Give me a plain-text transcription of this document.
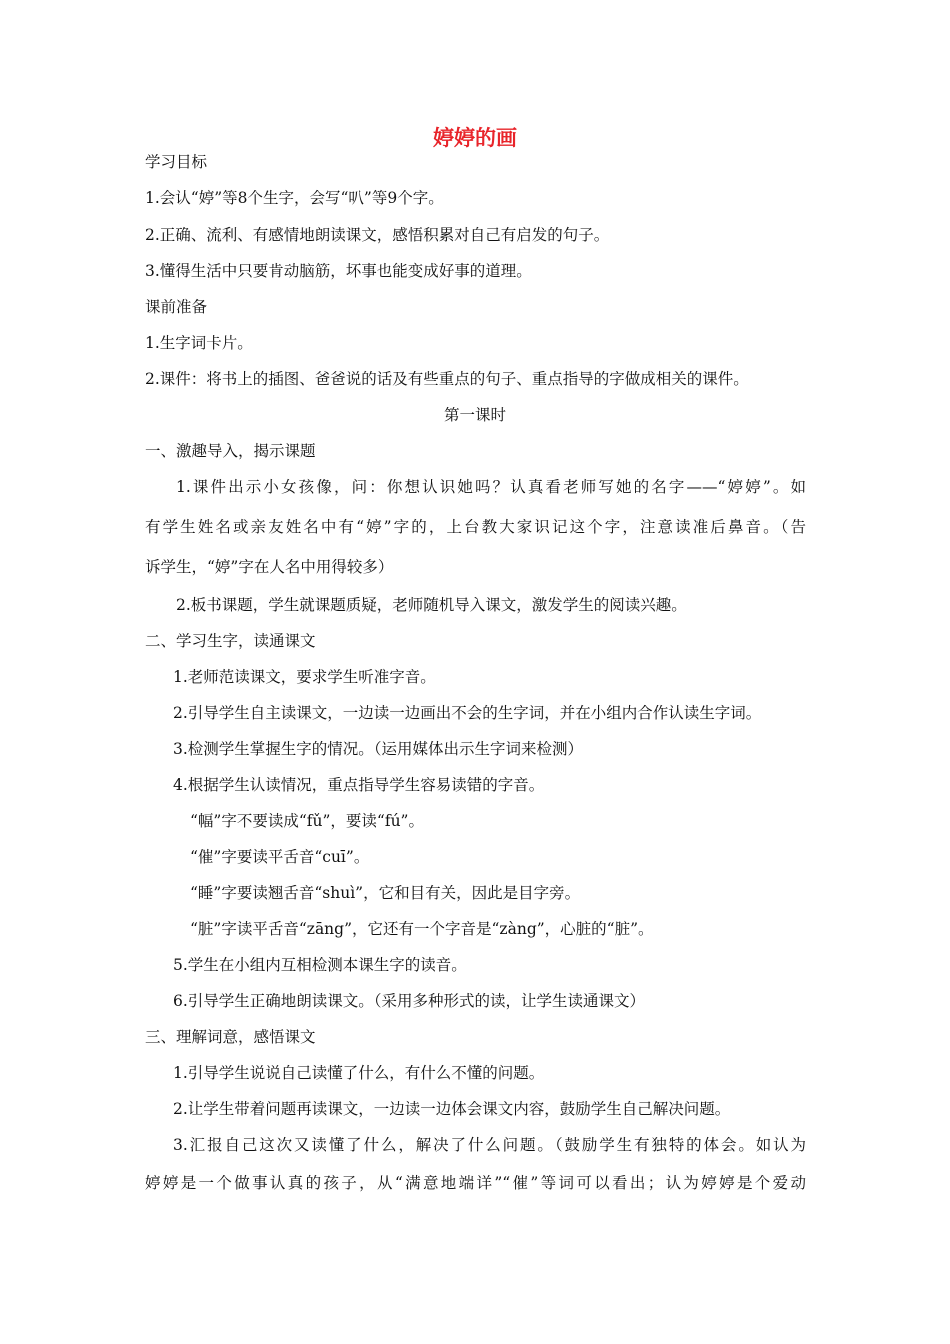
婷婷的画
学习目标
1.会认“婷”等8个生字，会写“叭”等9个字。
2.正确、流利、有感情地朗读课文，感悟积累对自己有启发的句子。
3.懂得生活中只要肯动脑筋，坏事也能变成好事的道理。
课前准备
1.生字词卡片。
2.课件：将书上的插图、爸爸说的话及有些重点的句子、重点指导的字做成相关的课件。
第一课时
一、激趣导入，揭示课题
1.课件出示小女孩像，问：你想认识她吗？认真看老师写她的名字——“婷婷”。如
有学生姓名或亲友姓名中有“婷”字的，上台教大家识记这个字，注意读准后鼻音。（告
诉学生，“婷”字在人名中用得较多）
2.板书课题，学生就课题质疑，老师随机导入课文，激发学生的阅读兴趣。
二、学习生字，读通课文
1.老师范读课文，要求学生听准字音。
2.引导学生自主读课文，一边读一边画出不会的生字词，并在小组内合作认读生字词。
3.检测学生掌握生字的情况。（运用媒体出示生字词来检测）
4.根据学生认读情况，重点指导学生容易读错的字音。
“幅”字不要读成“fǔ”，要读“fú”。
“催”字要读平舌音“cuī”。
“睡”字要读翘舌音“shuì”，它和目有关，因此是目字旁。
“脏”字读平舌音“zāng”，它还有一个字音是“zàng”，心脏的“脏”。
5.学生在小组内互相检测本课生字的读音。
6.引导学生正确地朗读课文。（采用多种形式的读，让学生读通课文）
三、理解词意，感悟课文
1.引导学生说说自己读懂了什么，有什么不懂的问题。
2.让学生带着问题再读课文，一边读一边体会课文内容，鼓励学生自己解决问题。
3.汇报自己这次又读懂了什么，解决了什么问题。（鼓励学生有独特的体会。如认为
婷婷是一个做事认真的孩子，从“满意地端详”“催”等词可以看出；认为婷婷是个爱动
